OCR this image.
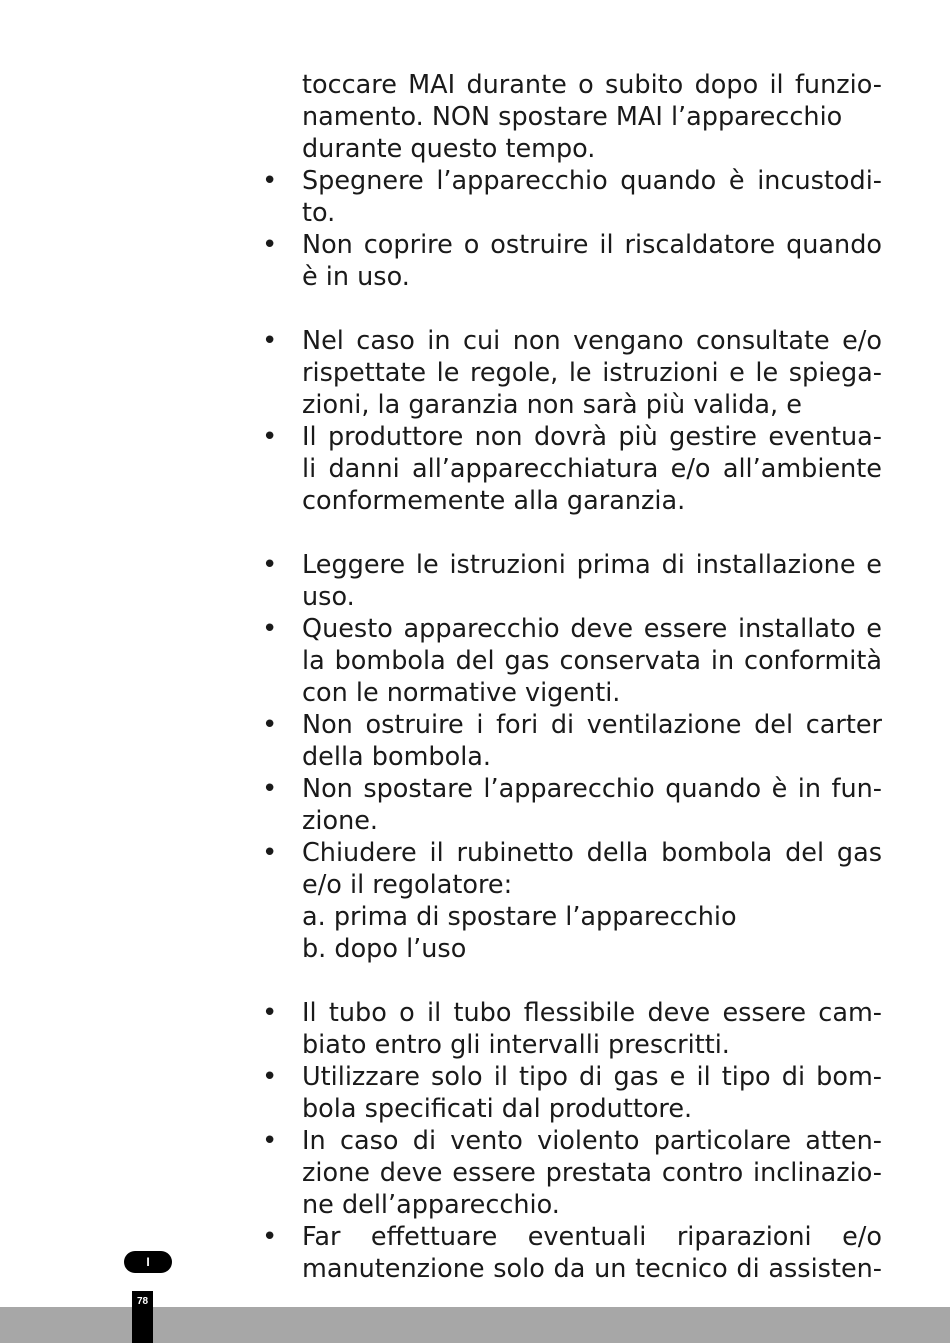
toccare MAI durante o subito dopo il funzio-
namento. NON spostare MAI l’apparecchio
durante questo tempo.
• Spegnere l’apparecchio quando è incustodi-
to.
• Non coprire o ostruire il riscaldatore quando
è in uso.
• Nel caso in cui non vengano consultate e/o
rispettate le regole, le istruzioni e le spiega-
zioni, la garanzia non sarà più valida, e
• Il produttore non dovrà più gestire eventua-
li danni all’apparecchiatura e/o all’ambiente
conformemente alla garanzia.
• Leggere le istruzioni prima di installazione e
uso.
• Questo apparecchio deve essere installato e
la bombola del gas conservata in conformità
con le normative vigenti.
• Non ostruire i fori di ventilazione del carter
della bombola.
• Non spostare l’apparecchio quando è in fun-
zione.
• Chiudere il rubinetto della bombola del gas
e/o il regolatore:
a. prima di spostare l’apparecchio
b. dopo l’uso
• Il tubo o il tubo flessibile deve essere cam-
biato entro gli intervalli prescritti.
• Utilizzare solo il tipo di gas e il tipo di bom-
bola specificati dal produttore.
• In caso di vento violento particolare atten-
zione deve essere prestata contro inclinazio-
ne dell’apparecchio.
• Far effettuare eventuali riparazioni e/o
manutenzione solo da un tecnico di assisten-
I
78
